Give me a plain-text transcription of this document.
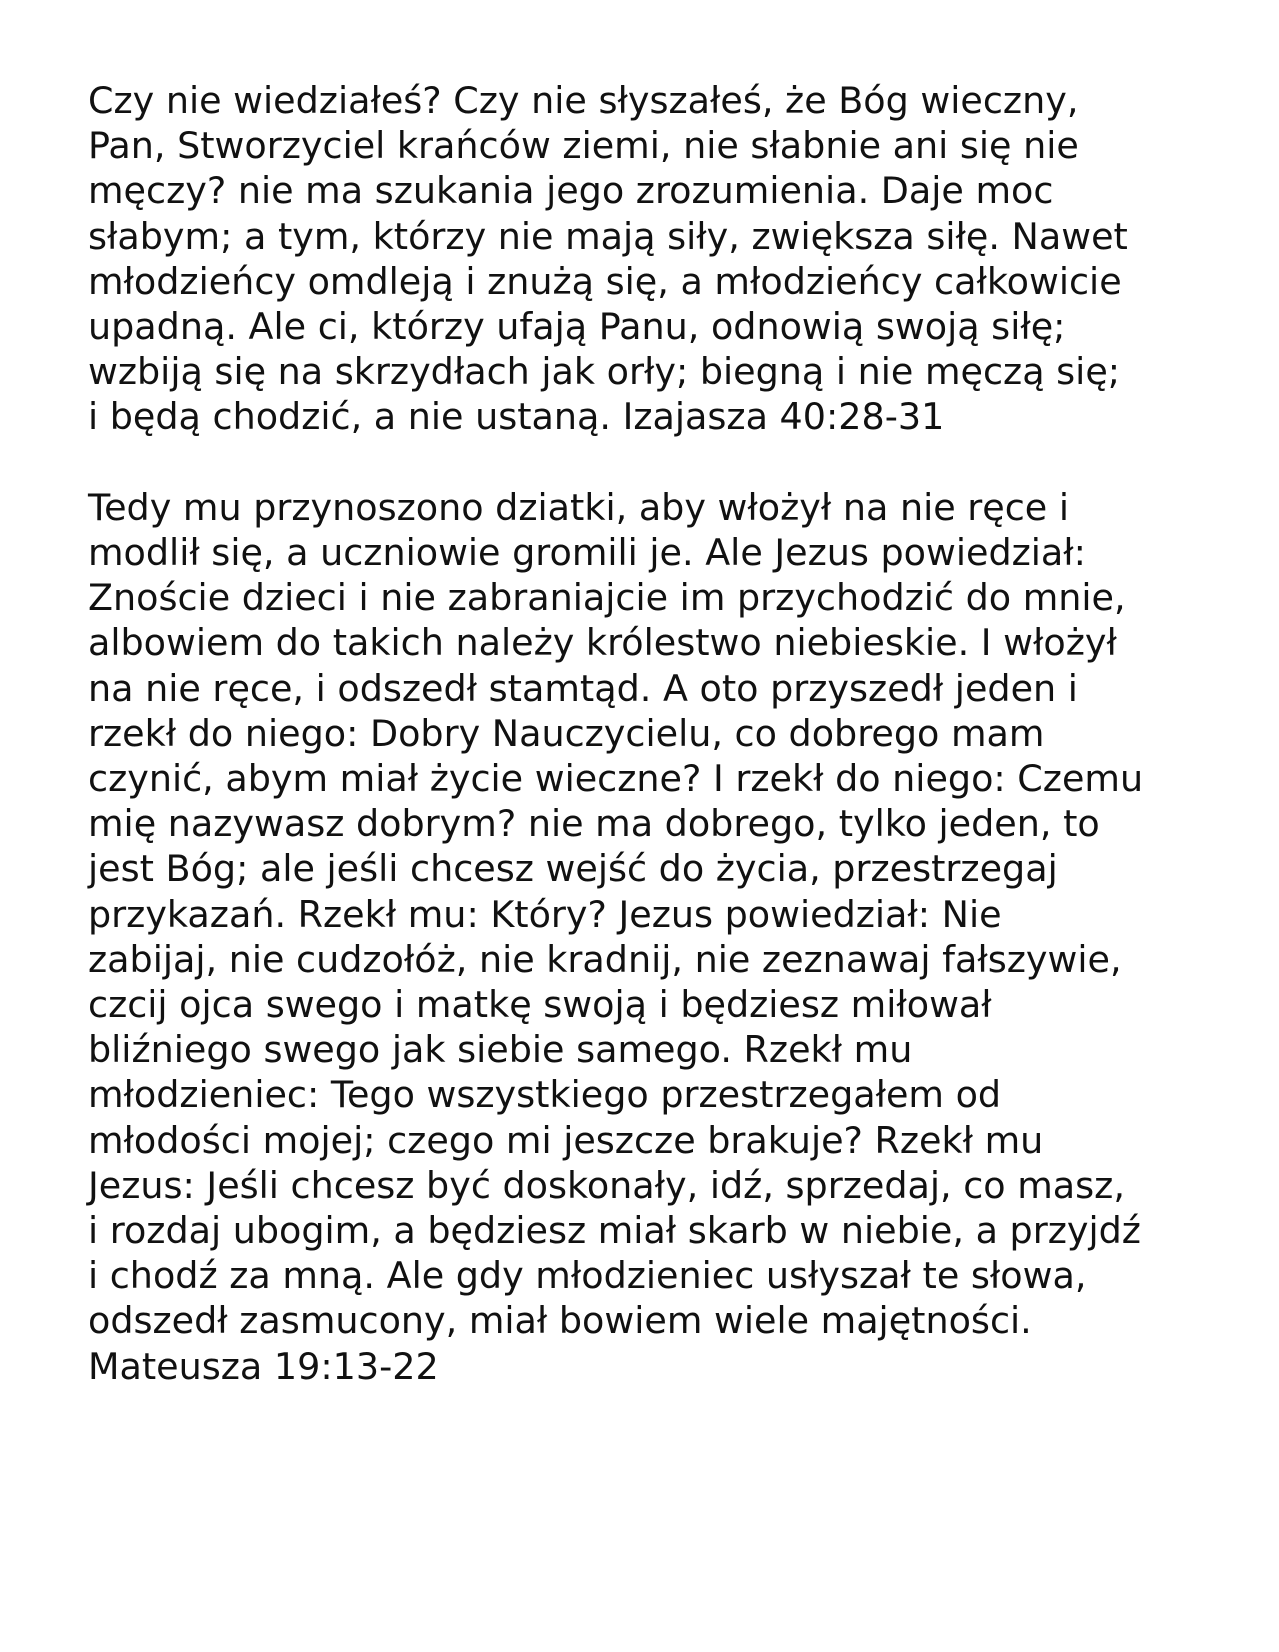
Czy nie wiedziałeś? Czy nie słyszałeś, że Bóg wieczny,
Pan, Stworzyciel krańców ziemi, nie słabnie ani się nie
męczy? nie ma szukania jego zrozumienia. Daje moc
słabym; a tym, którzy nie mają siły, zwiększa siłę. Nawet
młodzieńcy omdleją i znużą się, a młodzieńcy całkowicie
upadną. Ale ci, którzy ufają Panu, odnowią swoją siłę;
wzbiją się na skrzydłach jak orły; biegną i nie męczą się;
i będą chodzić, a nie ustaną. Izajasza 40:28-31

Tedy mu przynoszono dziatki, aby włożył na nie ręce i
modlił się, a uczniowie gromili je. Ale Jezus powiedział:
Znoście dzieci i nie zabraniajcie im przychodzić do mnie,
albowiem do takich należy królestwo niebieskie. I włożył
na nie ręce, i odszedł stamtąd. A oto przyszedł jeden i
rzekł do niego: Dobry Nauczycielu, co dobrego mam
czynić, abym miał życie wieczne? I rzekł do niego: Czemu
mię nazywasz dobrym? nie ma dobrego, tylko jeden, to
jest Bóg; ale jeśli chcesz wejść do życia, przestrzegaj
przykazań. Rzekł mu: Który? Jezus powiedział: Nie
zabijaj, nie cudzołóż, nie kradnij, nie zeznawaj fałszywie,
czcij ojca swego i matkę swoją i będziesz miłował
bliźniego swego jak siebie samego. Rzekł mu
młodzieniec: Tego wszystkiego przestrzegałem od
młodości mojej; czego mi jeszcze brakuje? Rzekł mu
Jezus: Jeśli chcesz być doskonały, idź, sprzedaj, co masz,
i rozdaj ubogim, a będziesz miał skarb w niebie, a przyjdź
i chodź za mną. Ale gdy młodzieniec usłyszał te słowa,
odszedł zasmucony, miał bowiem wiele majętności.
Mateusza 19:13-22
